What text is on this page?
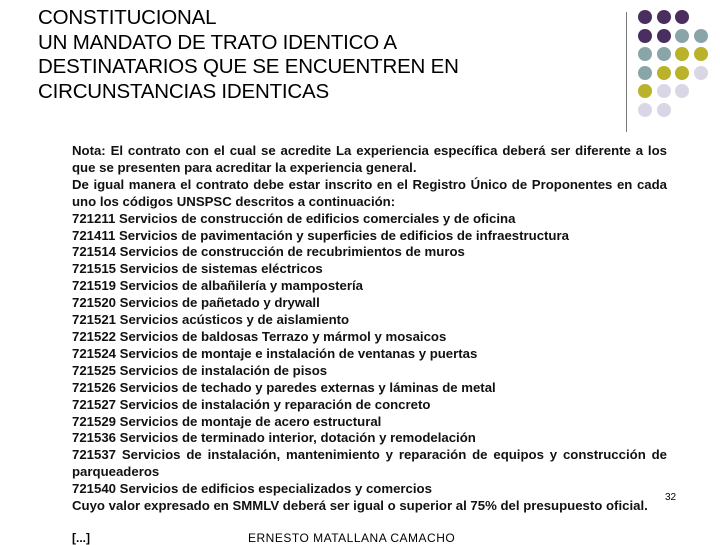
CONSTITUCIONAL
UN MANDATO DE TRATO IDENTICO A
DESTINATARIOS QUE SE ENCUENTREN EN
CIRCUNSTANCIAS IDENTICAS
Nota: El contrato con el cual se acredite La experiencia específica deberá ser diferente a los que se presenten para acreditar la experiencia general.
De igual manera el contrato debe estar inscrito en el Registro Único de Proponentes en cada uno los códigos UNSPSC descritos a continuación:
721211 Servicios de construcción de edificios comerciales y de oficina
721411 Servicios de pavimentación y superficies de edificios de infraestructura
721514 Servicios de construcción de recubrimientos de muros
721515 Servicios de sistemas eléctricos
721519 Servicios de albañilería y mampostería
721520 Servicios de pañetado y drywall
721521 Servicios acústicos y de aislamiento
721522 Servicios de baldosas Terrazo y mármol y mosaicos
721524 Servicios de montaje e instalación de ventanas y puertas
721525 Servicios de instalación de pisos
721526 Servicios de techado y paredes externas y láminas de metal
721527 Servicios de instalación y reparación de concreto
721529 Servicios de montaje de acero estructural
721536 Servicios de terminado interior, dotación y remodelación
721537 Servicios de instalación, mantenimiento y reparación de equipos y construcción de parqueaderos
721540 Servicios de edificios especializados y comercios
Cuyo valor expresado en SMMLV deberá ser igual o superior al 75% del presupuesto oficial.
32
[...]	ERNESTO MATALLANA CAMACHO
